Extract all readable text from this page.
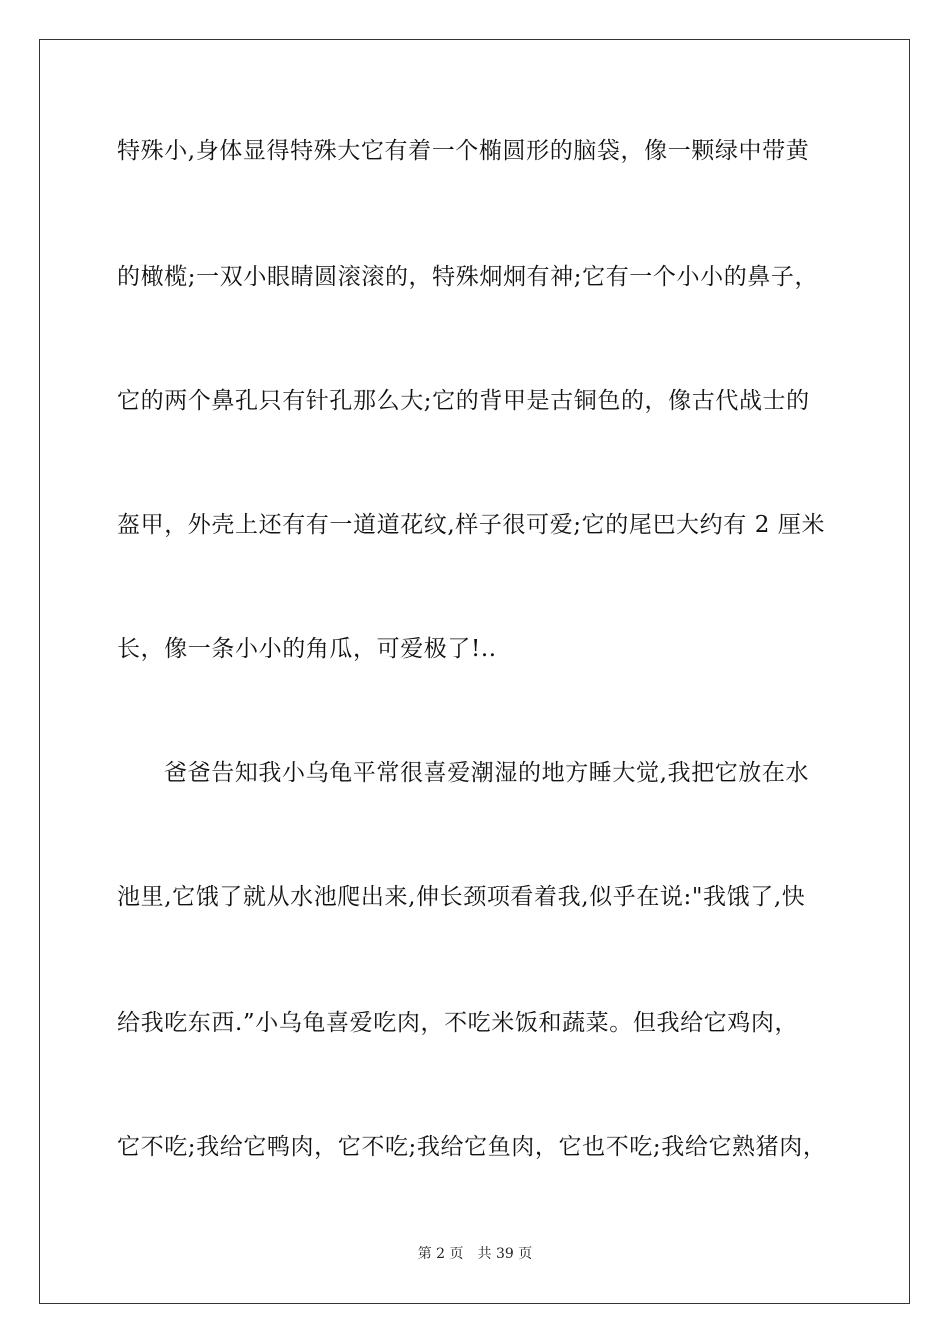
特殊小,身体显得特殊大它有着一个椭圆形的脑袋，像一颗绿中带黄
的橄榄;一双小眼睛圆滚滚的，特殊炯炯有神;它有一个小小的鼻子，
它的两个鼻孔只有针孔那么大;它的背甲是古铜色的，像古代战士的
盔甲，外壳上还有有一道道花纹,样子很可爱;它的尾巴大约有 2 厘米
长，像一条小小的角瓜，可爱极了!..
爸爸告知我小乌龟平常很喜爱潮湿的地方睡大觉,我把它放在水
池里,它饿了就从水池爬出来,伸长颈项看着我,似乎在说:"我饿了,快
给我吃东西.”小乌龟喜爱吃肉，不吃米饭和蔬菜。但我给它鸡肉，
它不吃;我给它鸭肉，它不吃;我给它鱼肉，它也不吃;我给它熟猪肉，
第 2 页 共 39 页
